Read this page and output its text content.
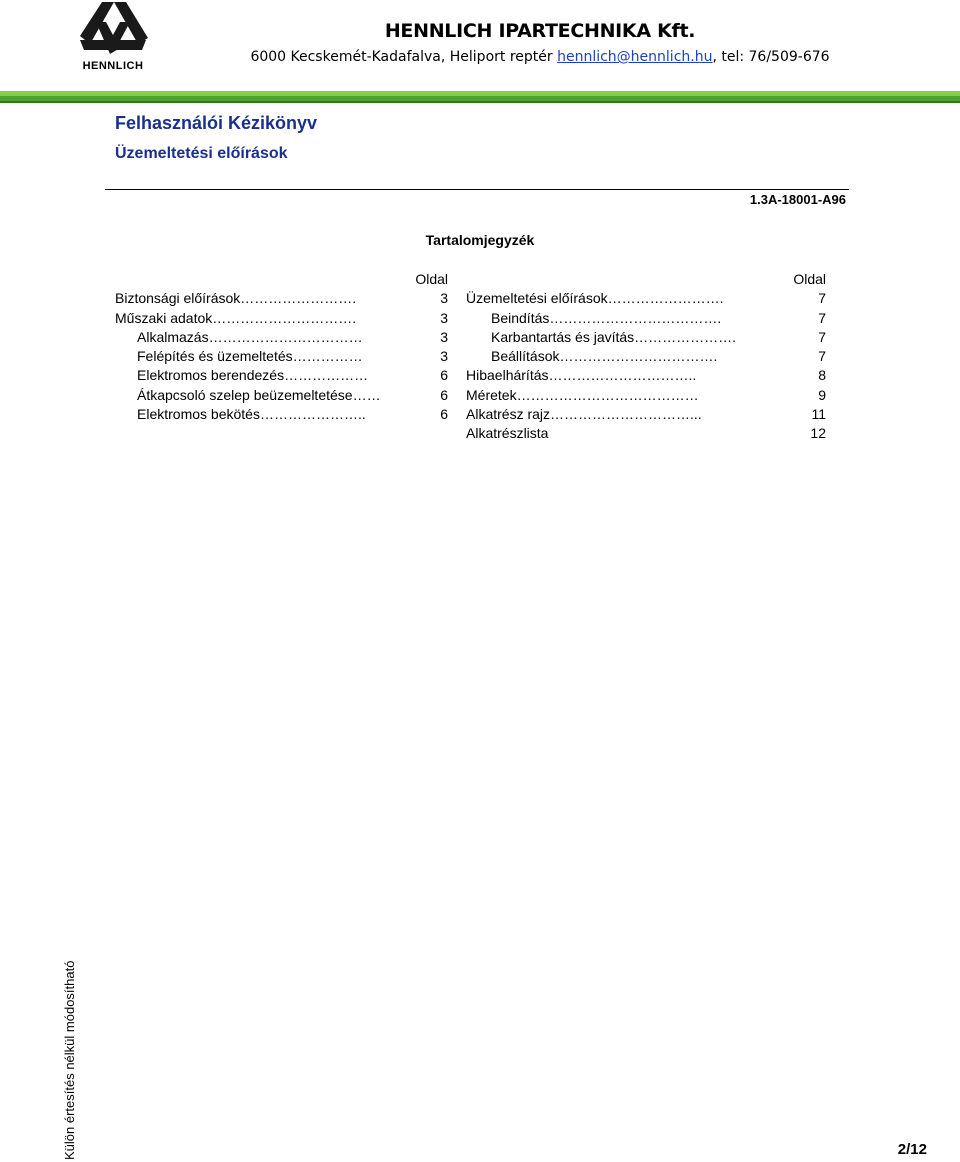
HENNLICH
HENNLICH IPARTECHNIKA Kft.
6000 Kecskemét-Kadafalva, Heliport reptér hennlich@hennlich.hu, tel: 76/509-676
Felhasználói Kézikönyv
Üzemeltetési előírások
1.3A-18001-A96
Tartalomjegyzék
Oldal
Biztonsági előírások…………………….	3
Műszaki adatok………………………….	3
Alkalmazás……………………………	3
Felépítés és üzemeltetés……………	3
Elektromos berendezés………………	6
Átkapcsoló szelep beüzemeltetése……	6
Elektromos bekötés…………………..	6
Oldal
Üzemeltetési előírások…………………….	7
Beindítás……………………………….	7
Karbantartás és javítás………………….	7
Beállítások…………………………….	7
Hibaelhárítás…………………………..	8
Méretek…………………………………	9
Alkatrész rajz…………………………...	11
Alkatrészlista	12
Külön értesítés nélkül módosítható	2/12
